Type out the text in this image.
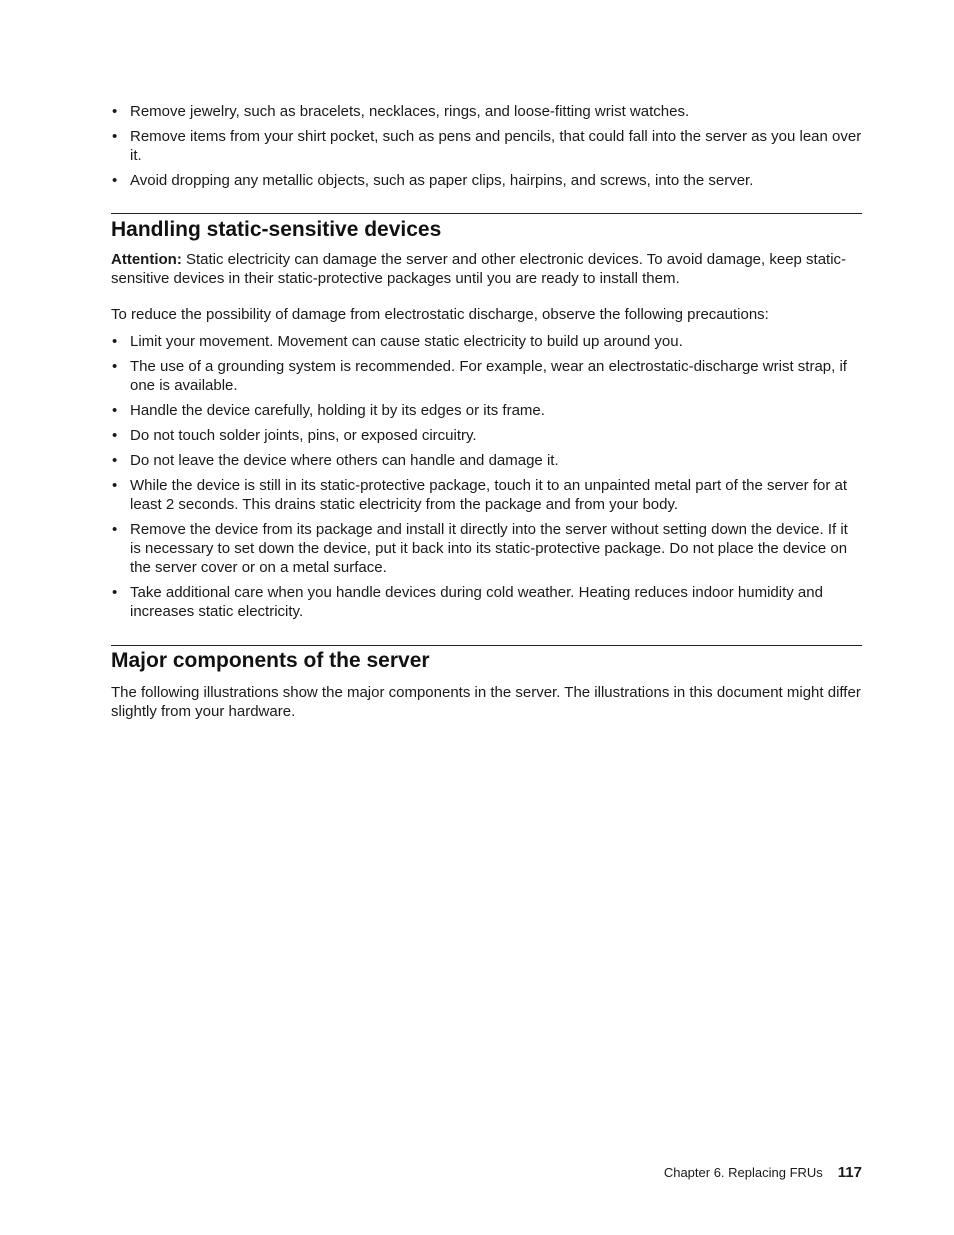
• Remove jewelry, such as bracelets, necklaces, rings, and loose-fitting wrist watches.
• Remove items from your shirt pocket, such as pens and pencils, that could fall into the server as you lean over it.
• Avoid dropping any metallic objects, such as paper clips, hairpins, and screws, into the server.
Handling static-sensitive devices

Attention: Static electricity can damage the server and other electronic devices. To avoid damage, keep static-sensitive devices in their static-protective packages until you are ready to install them.

To reduce the possibility of damage from electrostatic discharge, observe the following precautions:

• Limit your movement. Movement can cause static electricity to build up around you.
• The use of a grounding system is recommended. For example, wear an electrostatic-discharge wrist strap, if one is available.
• Handle the device carefully, holding it by its edges or its frame.
• Do not touch solder joints, pins, or exposed circuitry.
• Do not leave the device where others can handle and damage it.
• While the device is still in its static-protective package, touch it to an unpainted metal part of the server for at least 2 seconds. This drains static electricity from the package and from your body.
• Remove the device from its package and install it directly into the server without setting down the device. If it is necessary to set down the device, put it back into its static-protective package. Do not place the device on the server cover or on a metal surface.
• Take additional care when you handle devices during cold weather. Heating reduces indoor humidity and increases static electricity.
Major components of the server

The following illustrations show the major components in the server. The illustrations in this document might differ slightly from your hardware.

Chapter 6. Replacing FRUs 117
